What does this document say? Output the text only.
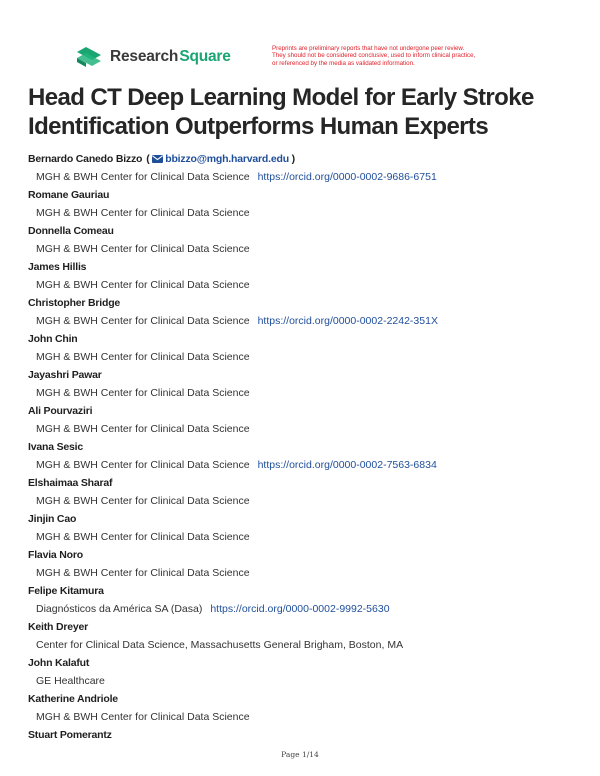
Research Square	Preprints are preliminary reports that have not undergone peer review.
They should not be considered conclusive, used to inform clinical practice,
or referenced by the media as validated information.
Head CT Deep Learning Model for Early Stroke Identification Outperforms Human Experts
Bernardo Canedo Bizzo ( bbizzo@mgh.harvard.edu )
MGH & BWH Center for Clinical Data Science https://orcid.org/0000-0002-9686-6751
Romane Gauriau
MGH & BWH Center for Clinical Data Science
Donnella Comeau
MGH & BWH Center for Clinical Data Science
James Hillis
MGH & BWH Center for Clinical Data Science
Christopher Bridge
MGH & BWH Center for Clinical Data Science https://orcid.org/0000-0002-2242-351X
John Chin
MGH & BWH Center for Clinical Data Science
Jayashri Pawar
MGH & BWH Center for Clinical Data Science
Ali Pourvaziri
MGH & BWH Center for Clinical Data Science
Ivana Sesic
MGH & BWH Center for Clinical Data Science https://orcid.org/0000-0002-7563-6834
Elshaimaa Sharaf
MGH & BWH Center for Clinical Data Science
Jinjin Cao
MGH & BWH Center for Clinical Data Science
Flavia Noro
MGH & BWH Center for Clinical Data Science
Felipe Kitamura
Diagnósticos da América SA (Dasa) https://orcid.org/0000-0002-9992-5630
Keith Dreyer
Center for Clinical Data Science, Massachusetts General Brigham, Boston, MA
John Kalafut
GE Healthcare
Katherine Andriole
MGH & BWH Center for Clinical Data Science
Stuart Pomerantz
Page 1/14
